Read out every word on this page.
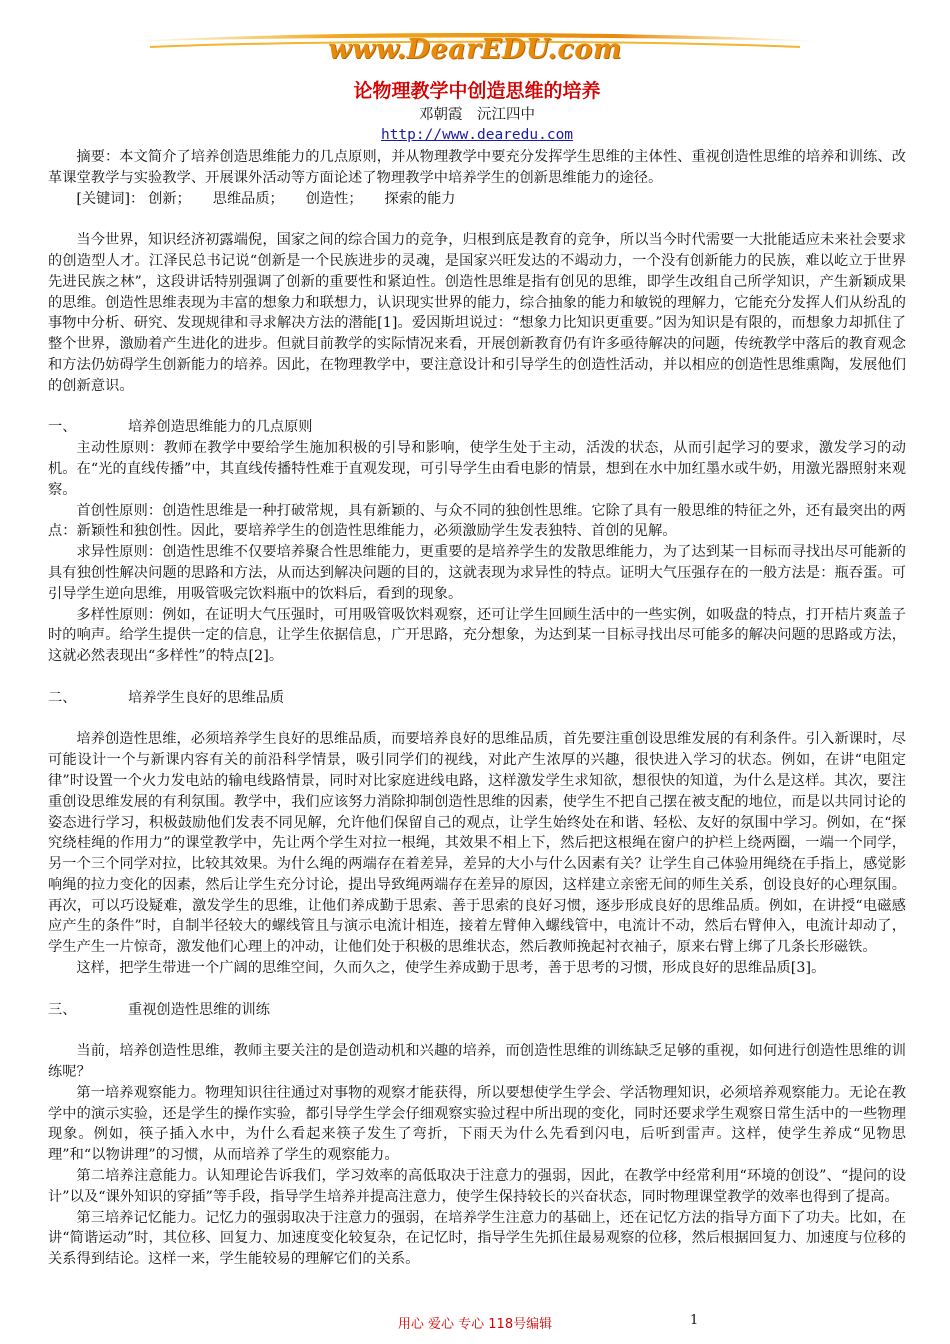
www.DearEDU.com
论物理教学中创造思维的培养
邓朝霞　沅江四中
http://www.dearedu.com

摘要：本文简介了培养创造思维能力的几点原则，并从物理教学中要充分发挥学生思维的主体性、重视创造性思维的培养和训练、改革课堂教学与实验教学、开展课外活动等方面论述了物理教学中培养学生的创新思维能力的途径。

[关键词]： 创新； 思维品质； 创造性； 探索的能力

当今世界，知识经济初露端倪，国家之间的综合国力的竞争，归根到底是教育的竞争，所以当今时代需要一大批能适应未来社会要求的创造型人才。江泽民总书记说“创新是一个民族进步的灵魂，是国家兴旺发达的不竭动力，一个没有创新能力的民族，难以屹立于世界先进民族之林”，这段讲话特别强调了创新的重要性和紧迫性。创造性思维是指有创见的思维，即学生改组自己所学知识，产生新颖成果的思维。创造性思维表现为丰富的想象力和联想力，认识现实世界的能力，综合抽象的能力和敏锐的理解力，它能充分发挥人们从纷乱的事物中分析、研究、发现规律和寻求解决方法的潜能[1]。爱因斯坦说过：“想象力比知识更重要。”因为知识是有限的，而想象力却抓住了整个世界，激励着产生进化的进步。但就目前教学的实际情况来看，开展创新教育仍有许多亟待解决的问题，传统教学中落后的教育观念和方法仍妨碍学生创新能力的培养。因此，在物理教学中，要注意设计和引导学生的创造性活动，并以相应的创造性思维熏陶，发展他们的创新意识。

一、	培养创造思维能力的几点原则

主动性原则：教师在教学中要给学生施加积极的引导和影响，使学生处于主动，活泼的状态，从而引起学习的要求，激发学习的动机。在“光的直线传播”中，其直线传播特性难于直观发现，可引导学生由看电影的情景，想到在水中加红墨水或牛奶，用激光器照射来观察。

首创性原则：创造性思维是一种打破常规，具有新颖的、与众不同的独创性思维。它除了具有一般思维的特征之外，还有最突出的两点：新颖性和独创性。因此，要培养学生的创造性思维能力，必须激励学生发表独特、首创的见解。

求异性原则：创造性思维不仅要培养聚合性思维能力，更重要的是培养学生的发散思维能力，为了达到某一目标而寻找出尽可能新的具有独创性解决问题的思路和方法，从而达到解决问题的目的，这就表现为求异性的特点。证明大气压强存在的一般方法是：瓶吞蛋。可引导学生逆向思维，用吸管吸完饮料瓶中的饮料后，看到的现象。

多样性原则：例如，在证明大气压强时，可用吸管吸饮料观察，还可让学生回顾生活中的一些实例，如吸盘的特点，打开桔片爽盖子时的响声。给学生提供一定的信息，让学生依据信息，广开思路，充分想象，为达到某一目标寻找出尽可能多的解决问题的思路或方法，这就必然表现出“多样性”的特点[2]。

二、	培养学生良好的思维品质

培养创造性思维，必须培养学生良好的思维品质，而要培养良好的思维品质，首先要注重创设思维发展的有利条件。引入新课时，尽可能设计一个与新课内容有关的前沿科学情景，吸引同学们的视线，对此产生浓厚的兴趣，很快进入学习的状态。例如，在讲“电阻定律”时设置一个火力发电站的输电线路情景，同时对比家庭进线电路，这样激发学生求知欲，想很快的知道，为什么是这样。其次，要注重创设思维发展的有利氛围。教学中，我们应该努力消除抑制创造性思维的因素，使学生不把自己摆在被支配的地位，而是以共同讨论的姿态进行学习，积极鼓励他们发表不同见解，允许他们保留自己的观点，让学生始终处在和谐、轻松、友好的氛围中学习。例如，在“探究绕桂绳的作用力”的课堂教学中，先让两个学生对拉一根绳，其效果不相上下，然后把这根绳在窗户的护栏上绕两圈，一端一个同学，另一个三个同学对拉，比较其效果。为什么绳的两端存在着差异，差异的大小与什么因素有关？让学生自己体验用绳绕在手指上，感觉影响绳的拉力变化的因素，然后让学生充分讨论，提出导致绳两端存在差异的原因，这样建立亲密无间的师生关系，创设良好的心理氛围。再次，可以巧设疑难，激发学生的思维，让他们养成勤于思索、善于思索的良好习惯，逐步形成良好的思维品质。例如，在讲授“电磁感应产生的条件”时，自制半径较大的螺线管且与演示电流计相连，接着左臂伸入螺线管中，电流计不动，然后右臂伸入，电流计却动了，学生产生一片惊奇，激发他们心理上的冲动，让他们处于积极的思维状态，然后教师挽起衬衣袖子，原来右臂上绑了几条长形磁铁。

这样，把学生带进一个广阔的思维空间，久而久之，使学生养成勤于思考，善于思考的习惯，形成良好的思维品质[3]。

三、	重视创造性思维的训练

当前，培养创造性思维，教师主要关注的是创造动机和兴趣的培养，而创造性思维的训练缺乏足够的重视，如何进行创造性思维的训练呢？

第一培养观察能力。物理知识往往通过对事物的观察才能获得，所以要想使学生学会、学活物理知识，必须培养观察能力。无论在教学中的演示实验，还是学生的操作实验，都引导学生学会仔细观察实验过程中所出现的变化，同时还要求学生观察日常生活中的一些物理现象。例如，筷子插入水中，为什么看起来筷子发生了弯折，下雨天为什么先看到闪电，后听到雷声。这样，使学生养成“见物思理”和“以物讲理”的习惯，从而培养了学生的观察能力。

第二培养注意能力。认知理论告诉我们，学习效率的高低取决于注意力的强弱，因此，在教学中经常利用“环境的创设”、“提问的设计”以及“课外知识的穿插”等手段，指导学生培养并提高注意力，使学生保持较长的兴奋状态，同时物理课堂教学的效率也得到了提高。

第三培养记忆能力。记忆力的强弱取决于注意力的强弱，在培养学生注意力的基础上，还在记忆方法的指导方面下了功夫。比如，在讲“简谐运动”时，其位移、回复力、加速度变化较复杂，在记忆时，指导学生先抓住最易观察的位移，然后根据回复力、加速度与位移的关系得到结论。这样一来，学生能较易的理解它们的关系。

用心 爱心 专心 118号编辑	1
